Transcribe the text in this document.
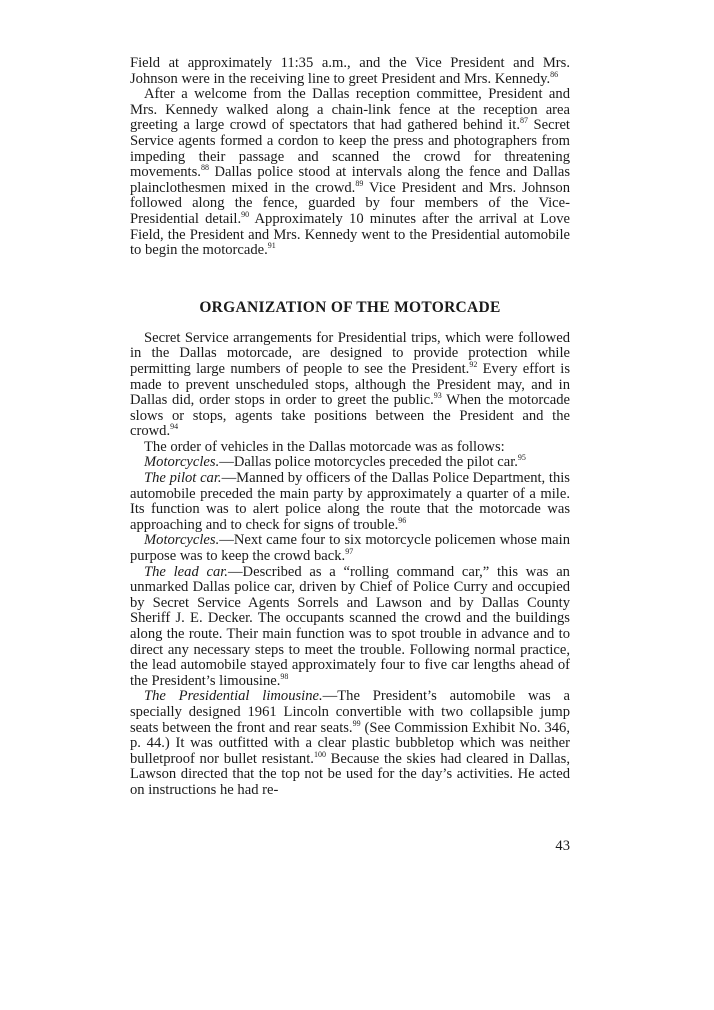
Field at approximately 11:35 a.m., and the Vice President and Mrs. Johnson were in the receiving line to greet President and Mrs. Kennedy.$^{86}$

After a welcome from the Dallas reception committee, President and Mrs. Kennedy walked along a chain-link fence at the reception area greeting a large crowd of spectators that had gathered behind it.$^{87}$ Secret Service agents formed a cordon to keep the press and photographers from impeding their passage and scanned the crowd for threatening movements.$^{88}$ Dallas police stood at intervals along the fence and Dallas plainclothesmen mixed in the crowd.$^{89}$ Vice President and Mrs. Johnson followed along the fence, guarded by four members of the Vice-Presidential detail.$^{90}$ Approximately 10 minutes after the arrival at Love Field, the President and Mrs. Kennedy went to the Presidential automobile to begin the motorcade.$^{91}$

ORGANIZATION OF THE MOTORCADE

Secret Service arrangements for Presidential trips, which were followed in the Dallas motorcade, are designed to provide protection while permitting large numbers of people to see the President.$^{92}$ Every effort is made to prevent unscheduled stops, although the President may, and in Dallas did, order stops in order to greet the public.$^{93}$ When the motorcade slows or stops, agents take positions between the President and the crowd.$^{94}$

The order of vehicles in the Dallas motorcade was as follows:

Motorcycles.—Dallas police motorcycles preceded the pilot car.$^{95}$

The pilot car.—Manned by officers of the Dallas Police Department, this automobile preceded the main party by approximately a quarter of a mile. Its function was to alert police along the route that the motorcade was approaching and to check for signs of trouble.$^{96}$

Motorcycles.—Next came four to six motorcycle policemen whose main purpose was to keep the crowd back.$^{97}$

The lead car.—Described as a “rolling command car,” this was an unmarked Dallas police car, driven by Chief of Police Curry and occupied by Secret Service Agents Sorrels and Lawson and by Dallas County Sheriff J. E. Decker. The occupants scanned the crowd and the buildings along the route. Their main function was to spot trouble in advance and to direct any necessary steps to meet the trouble. Following normal practice, the lead automobile stayed approximately four to five car lengths ahead of the President’s limousine.$^{98}$

The Presidential limousine.—The President’s automobile was a specially designed 1961 Lincoln convertible with two collapsible jump seats between the front and rear seats.$^{99}$ (See Commission Exhibit No. 346, p. 44.) It was outfitted with a clear plastic bubbletop which was neither bulletproof nor bullet resistant.$^{100}$ Because the skies had cleared in Dallas, Lawson directed that the top not be used for the day’s activities. He acted on instructions he had re-

43
